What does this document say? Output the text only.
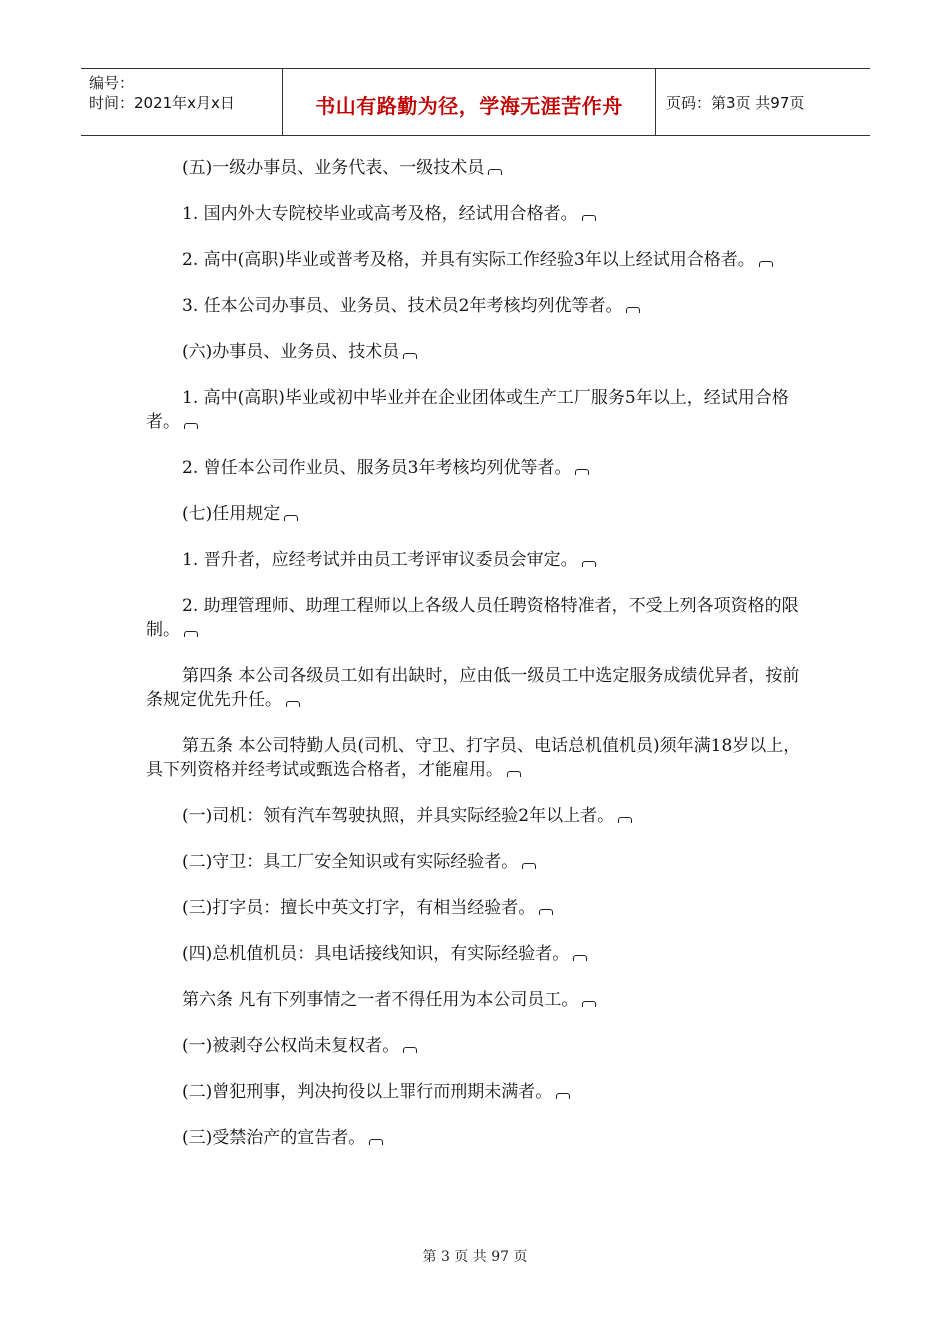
编号：
时间：2021年x月x日	书山有路勤为径，学海无涯苦作舟	页码：第3页 共97页

(五)一级办事员、业务代表、一级技术员

1. 国内外大专院校毕业或高考及格，经试用合格者。

2. 高中(高职)毕业或普考及格，并具有实际工作经验3年以上经试用合格者。

3. 任本公司办事员、业务员、技术员2年考核均列优等者。

(六)办事员、业务员、技术员

1. 高中(高职)毕业或初中毕业并在企业团体或生产工厂服务5年以上，经试用合格者。

2. 曾任本公司作业员、服务员3年考核均列优等者。

(七)任用规定

1. 晋升者，应经考试并由员工考评审议委员会审定。

2. 助理管理师、助理工程师以上各级人员任聘资格特准者，不受上列各项资格的限制。

第四条 本公司各级员工如有出缺时，应由低一级员工中选定服务成绩优异者，按前条规定优先升任。

第五条 本公司特勤人员(司机、守卫、打字员、电话总机值机员)须年满18岁以上，具下列资格并经考试或甄选合格者，才能雇用。

(一)司机：领有汽车驾驶执照，并具实际经验2年以上者。

(二)守卫：具工厂安全知识或有实际经验者。

(三)打字员：擅长中英文打字，有相当经验者。

(四)总机值机员：具电话接线知识，有实际经验者。

第六条 凡有下列事情之一者不得任用为本公司员工。

(一)被剥夺公权尚未复权者。

(二)曾犯刑事，判决拘役以上罪行而刑期未满者。

(三)受禁治产的宣告者。

第 3 页 共 97 页
